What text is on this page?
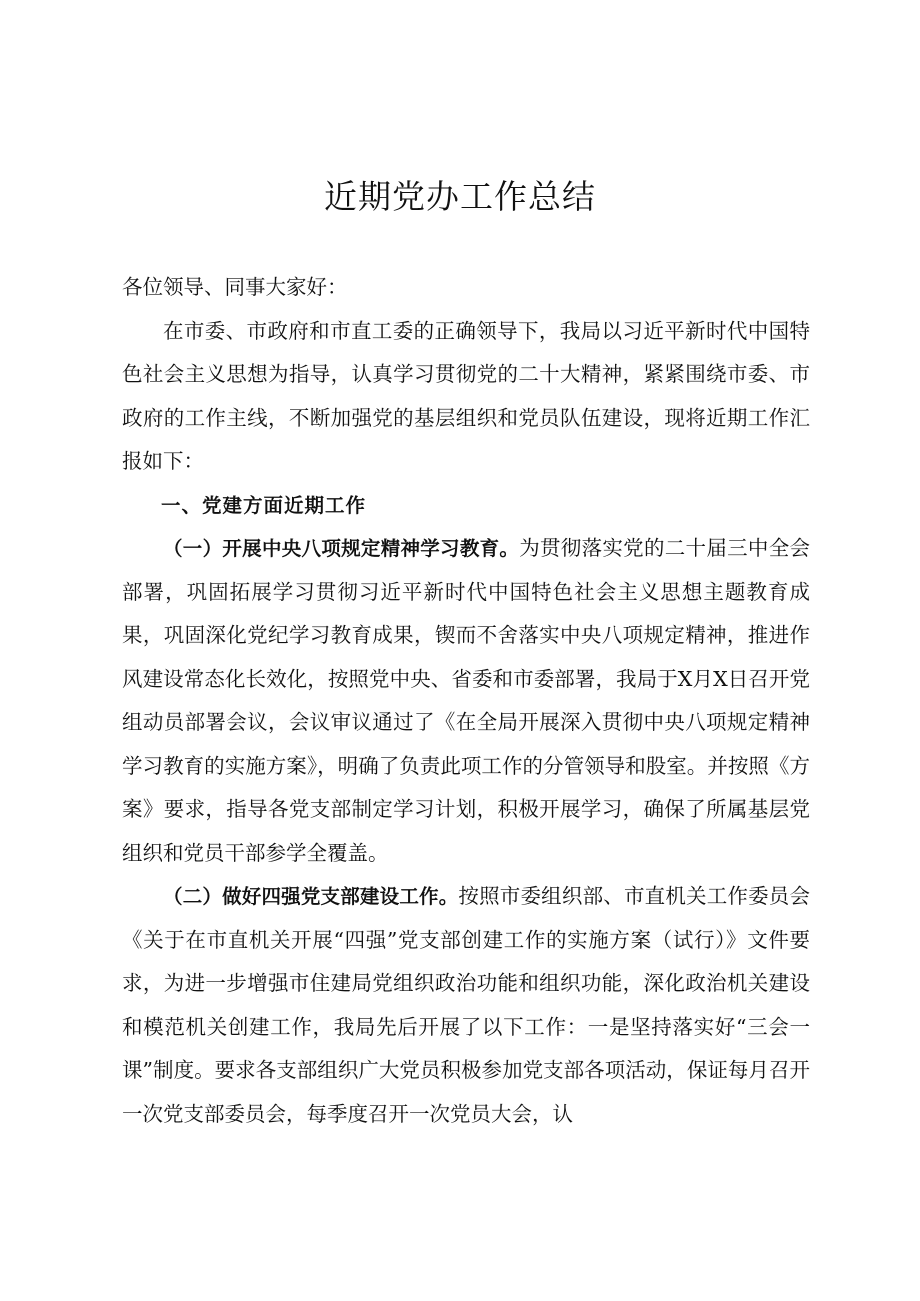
近期党办工作总结

各位领导、同事大家好：

在市委、市政府和市直工委的正确领导下，我局以习近平新时代中国特色社会主义思想为指导，认真学习贯彻党的二十大精神，紧紧围绕市委、市政府的工作主线，不断加强党的基层组织和党员队伍建设，现将近期工作汇报如下：

一、党建方面近期工作

（一）开展中央八项规定精神学习教育。为贯彻落实党的二十届三中全会部署，巩固拓展学习贯彻习近平新时代中国特色社会主义思想主题教育成果，巩固深化党纪学习教育成果，锲而不舍落实中央八项规定精神，推进作风建设常态化长效化，按照党中央、省委和市委部署，我局于X月X日召开党组动员部署会议，会议审议通过了《在全局开展深入贯彻中央八项规定精神学习教育的实施方案》，明确了负责此项工作的分管领导和股室。并按照《方案》要求，指导各党支部制定学习计划，积极开展学习，确保了所属基层党组织和党员干部参学全覆盖。

（二）做好四强党支部建设工作。按照市委组织部、市直机关工作委员会《关于在市直机关开展“四强”党支部创建工作的实施方案（试行）》文件要求，为进一步增强市住建局党组织政治功能和组织功能，深化政治机关建设和模范机关创建工作，我局先后开展了以下工作：一是坚持落实好“三会一课”制度。要求各支部组织广大党员积极参加党支部各项活动，保证每月召开一次党支部委员会，每季度召开一次党员大会，认
